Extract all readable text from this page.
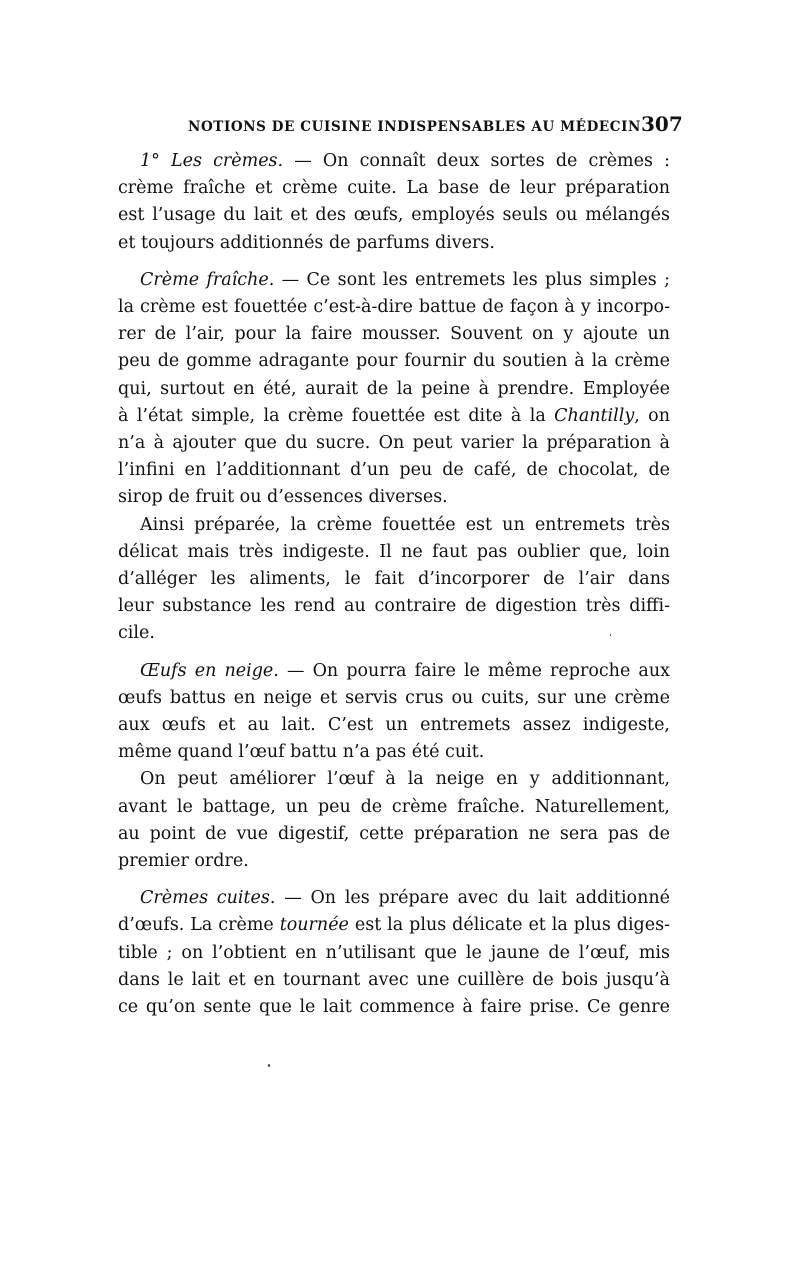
NOTIONS DE CUISINE INDISPENSABLES AU MÉDECIN 307

1° Les crèmes. — On connaît deux sortes de crèmes :
crème fraîche et crème cuite. La base de leur préparation
est l’usage du lait et des œufs, employés seuls ou mélangés
et toujours additionnés de parfums divers.

Crème fraîche. — Ce sont les entremets les plus simples ;
la crème est fouettée c’est-à-dire battue de façon à y incorpo-
rer de l’air, pour la faire mousser. Souvent on y ajoute un
peu de gomme adragante pour fournir du soutien à la crème
qui, surtout en été, aurait de la peine à prendre. Employée
à l’état simple, la crème fouettée est dite à la Chantilly, on
n’a à ajouter que du sucre. On peut varier la préparation à
l’infini en l’additionnant d’un peu de café, de chocolat, de
sirop de fruit ou d’essences diverses.

Ainsi préparée, la crème fouettée est un entremets très
délicat mais très indigeste. Il ne faut pas oublier que, loin
d’alléger les aliments, le fait d’incorporer de l’air dans
leur substance les rend au contraire de digestion très diffi-
cile.

Œufs en neige. — On pourra faire le même reproche aux
œufs battus en neige et servis crus ou cuits, sur une crème
aux œufs et au lait. C’est un entremets assez indigeste,
même quand l’œuf battu n’a pas été cuit.

On peut améliorer l’œuf à la neige en y additionnant,
avant le battage, un peu de crème fraîche. Naturellement,
au point de vue digestif, cette préparation ne sera pas de
premier ordre.

Crèmes cuites. — On les prépare avec du lait additionné
d’œufs. La crème tournée est la plus délicate et la plus diges-
tible ; on l’obtient en n’utilisant que le jaune de l’œuf, mis
dans le lait et en tournant avec une cuillère de bois jusqu’à
ce qu’on sente que le lait commence à faire prise. Ce genre
